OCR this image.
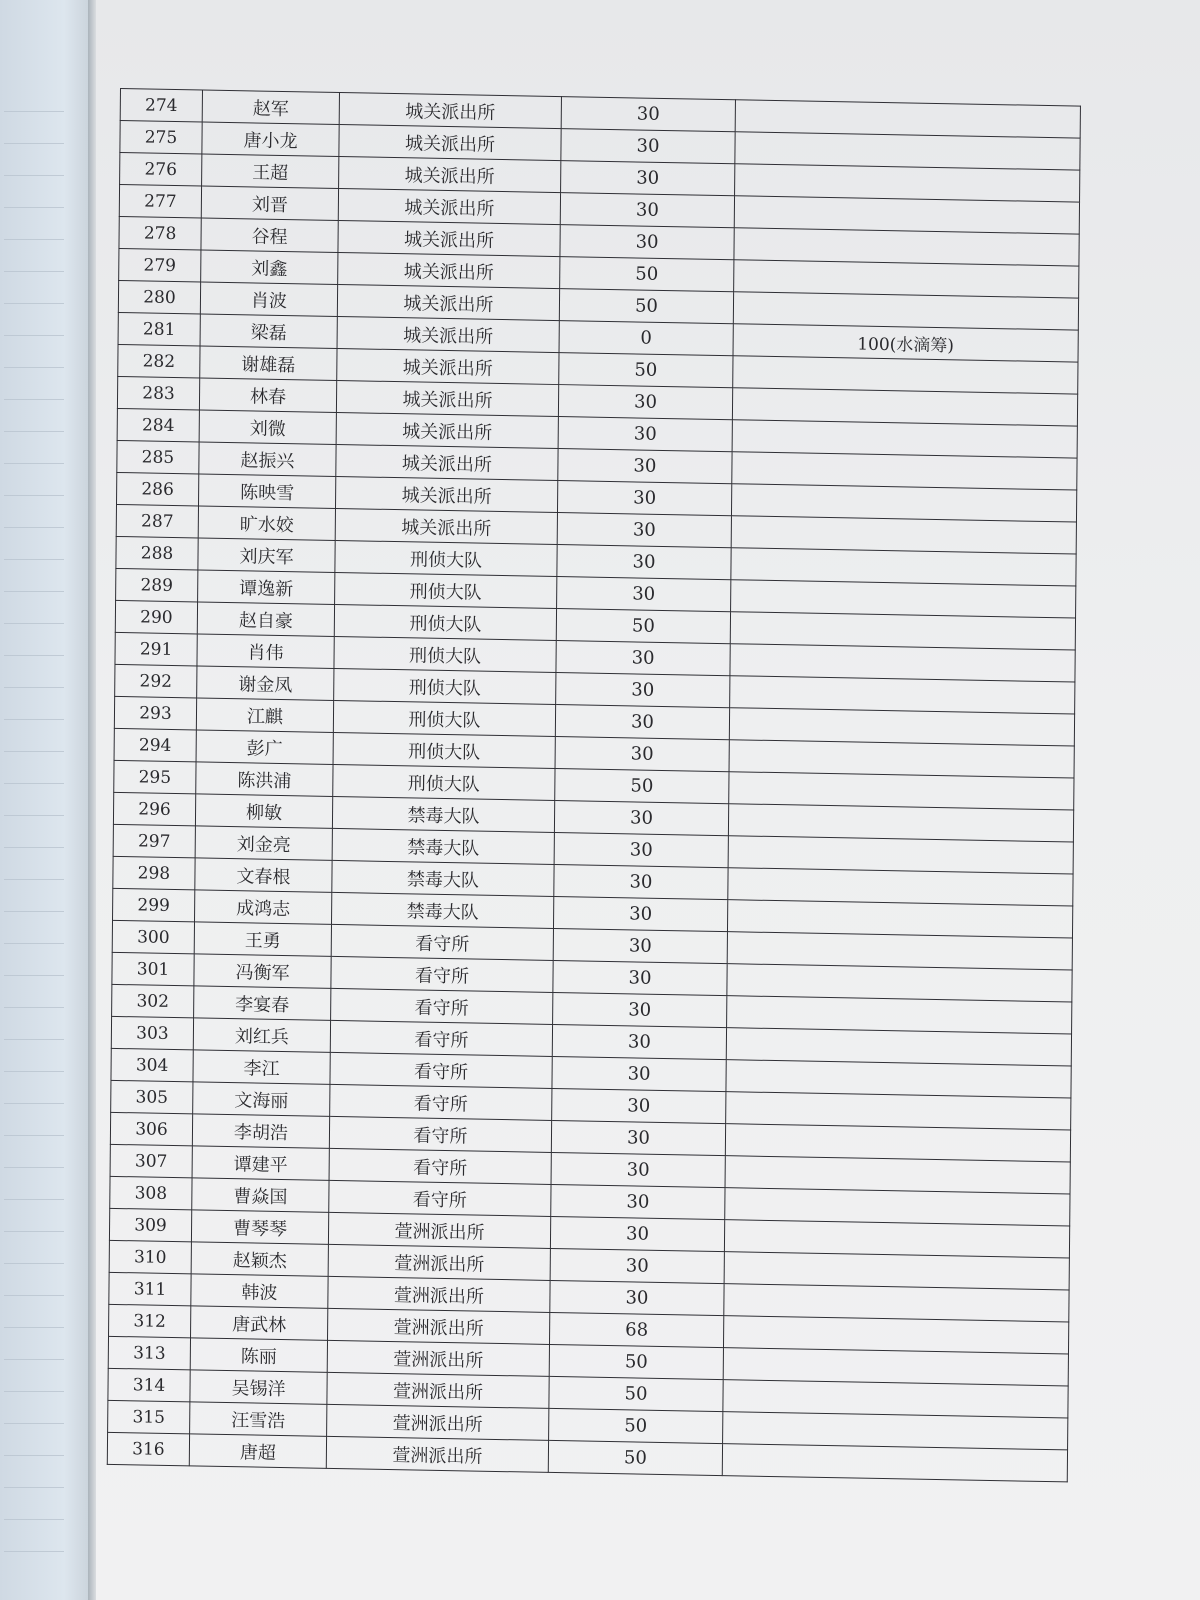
274	赵军	城关派出所	30	
275	唐小龙	城关派出所	30	
276	王超	城关派出所	30	
277	刘晋	城关派出所	30	
278	谷程	城关派出所	30	
279	刘鑫	城关派出所	50	
280	肖波	城关派出所	50	
281	梁磊	城关派出所	0	100(水滴筹)
282	谢雄磊	城关派出所	50	
283	林春	城关派出所	30	
284	刘微	城关派出所	30	
285	赵振兴	城关派出所	30	
286	陈映雪	城关派出所	30	
287	旷水姣	城关派出所	30	
288	刘庆军	刑侦大队	30	
289	谭逸新	刑侦大队	30	
290	赵自豪	刑侦大队	50	
291	肖伟	刑侦大队	30	
292	谢金凤	刑侦大队	30	
293	江麒	刑侦大队	30	
294	彭广	刑侦大队	30	
295	陈洪浦	刑侦大队	50	
296	柳敏	禁毒大队	30	
297	刘金亮	禁毒大队	30	
298	文春根	禁毒大队	30	
299	成鸿志	禁毒大队	30	
300	王勇	看守所	30	
301	冯衡军	看守所	30	
302	李宴春	看守所	30	
303	刘红兵	看守所	30	
304	李江	看守所	30	
305	文海丽	看守所	30	
306	李胡浩	看守所	30	
307	谭建平	看守所	30	
308	曹焱国	看守所	30	
309	曹琴琴	萱洲派出所	30	
310	赵颖杰	萱洲派出所	30	
311	韩波	萱洲派出所	30	
312	唐武林	萱洲派出所	68	
313	陈丽	萱洲派出所	50	
314	吴锡洋	萱洲派出所	50	
315	汪雪浩	萱洲派出所	50	
316	唐超	萱洲派出所	50	
